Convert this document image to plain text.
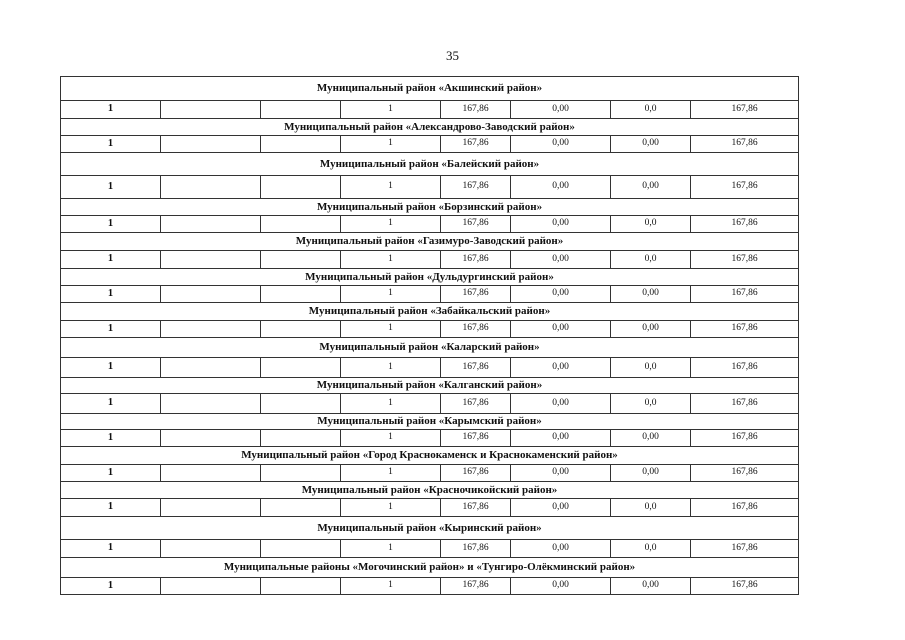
35
Муниципальный район «Акшинский район»							
1			1	167,86	0,00	0,0	167,86
Муниципальный район «Александрово-Заводский район»							
1			1	167,86	0,00	0,00	167,86
Муниципальный район «Балейский район»							
1			1	167,86	0,00	0,00	167,86
Муниципальный район «Борзинский район»							
1			1	167,86	0,00	0,0	167,86
Муниципальный район «Газимуро-Заводский район»							
1			1	167,86	0,00	0,0	167,86
Муниципальный район «Дульдургинский район»							
1			1	167,86	0,00	0,00	167,86
Муниципальный район «Забайкальский район»							
1			1	167,86	0,00	0,00	167,86
Муниципальный район «Каларский район»							
1			1	167,86	0,00	0,0	167,86
Муниципальный район «Калганский район»							
1			1	167,86	0,00	0,0	167,86
Муниципальный район «Карымский район»							
1			1	167,86	0,00	0,00	167,86
Муниципальный район «Город Краснокаменск и Краснокаменский район»							
1			1	167,86	0,00	0,00	167,86
Муниципальный район «Красночикойский район»							
1			1	167,86	0,00	0,0	167,86
Муниципальный район «Кыринский район»							
1			1	167,86	0,00	0,0	167,86
Муниципальные районы «Могочинский район» и «Тунгиро-Олёкминский район»							
1			1	167,86	0,00	0,00	167,86
